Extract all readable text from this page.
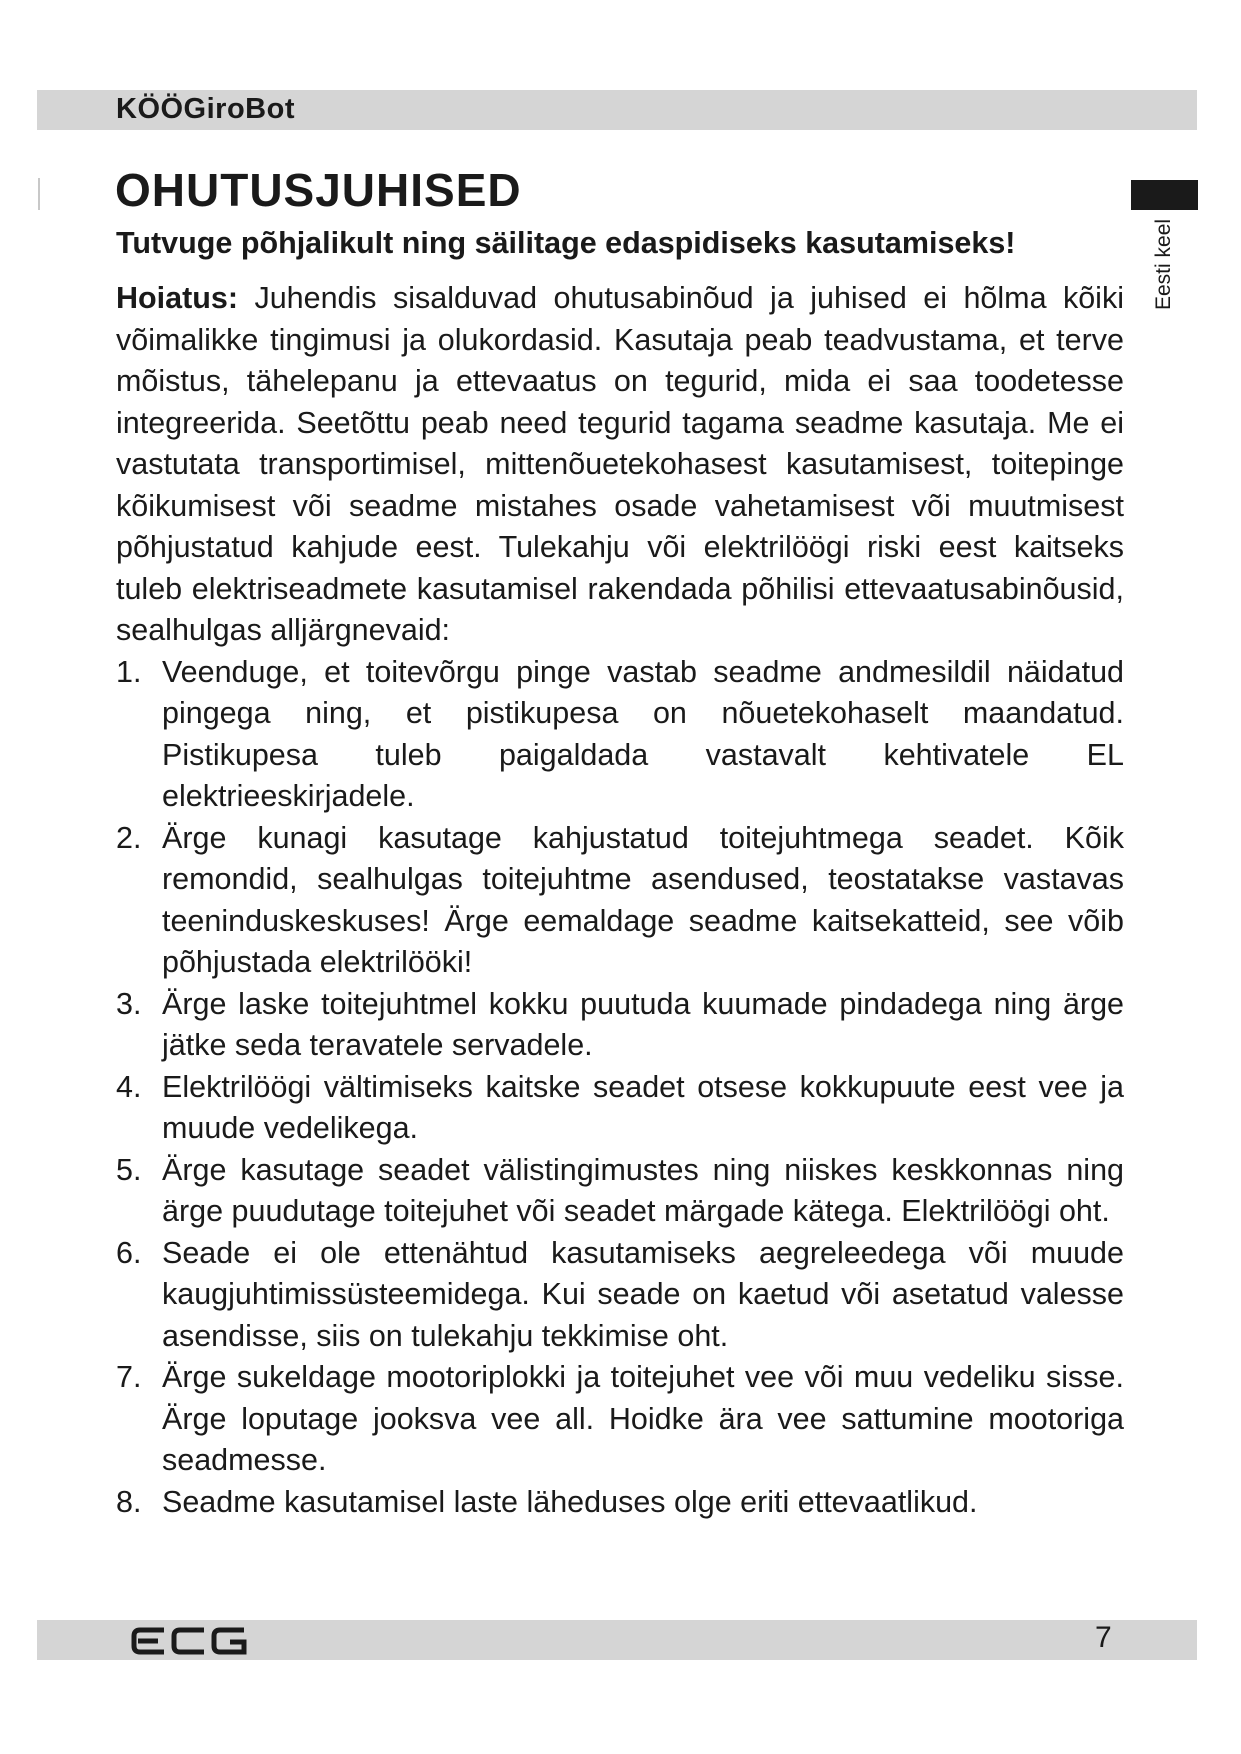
KÖÖGiroBot
OHUTUSJUHISED

Tutvuge põhjalikult ning säilitage edaspidiseks kasutamiseks!	Eesti keel

Hoiatus: Juhendis sisalduvad ohutusabinõud ja juhised ei hõlma kõiki võimalikke tingimusi ja olukordasid. Kasutaja peab teadvustama, et terve mõistus, tähelepanu ja ettevaatus on tegurid, mida ei saa toodetesse integreerida. Seetõttu peab need tegurid tagama seadme kasutaja. Me ei vastutata transportimisel, mittenõuetekohasest kasutamisest, toitepinge kõikumisest või seadme mistahes osade vahetamisest või muutmisest põhjustatud kahjude eest. Tulekahju või elektrilöögi riski eest kaitseks tuleb elektriseadmete kasutamisel rakendada põhilisi ettevaatusabinõusid, sealhulgas alljärgnevaid:

1. Veenduge, et toitevõrgu pinge vastab seadme andmesildil näidatud pingega ning, et pistikupesa on nõuetekohaselt maandatud. Pistikupesa tuleb paigaldada vastavalt kehtivatele EL elektrieeskirjadele.
2. Ärge kunagi kasutage kahjustatud toitejuhtmega seadet. Kõik remondid, sealhulgas toitejuhtme asendused, teostatakse vastavas teeninduskeskuses! Ärge eemaldage seadme kaitsekatteid, see võib põhjustada elektrilööki!
3. Ärge laske toitejuhtmel kokku puutuda kuumade pindadega ning ärge jätke seda teravatele servadele.
4. Elektrilöögi vältimiseks kaitske seadet otsese kokkupuute eest vee ja muude vedelikega.
5. Ärge kasutage seadet välistingimustes ning niiskes keskkonnas ning ärge puudutage toitejuhet või seadet märgade kätega. Elektrilöögi oht.
6. Seade ei ole ettenähtud kasutamiseks aegreleedega või muude kaugjuhtimissüsteemidega. Kui seade on kaetud või asetatud valesse asendisse, siis on tulekahju tekkimise oht.
7. Ärge sukeldage mootoriplokki ja toitejuhet vee või muu vedeliku sisse. Ärge loputage jooksva vee all. Hoidke ära vee sattumine mootoriga seadmesse.
8. Seadme kasutamisel laste läheduses olge eriti ettevaatlikud.
7
